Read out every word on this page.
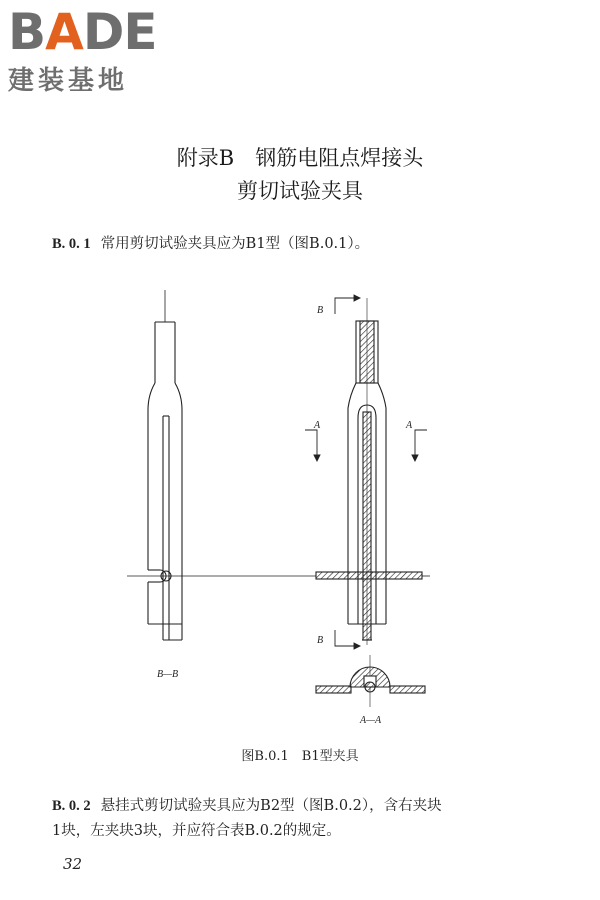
BADE
建装基地
附录B　钢筋电阻点焊接头
剪切试验夹具
B. 0. 1 常用剪切试验夹具应为B1型（图B.0.1）。
B—B
A—A
B
B
A	A
图B.0.1　B1型夹具
B. 0. 2 悬挂式剪切试验夹具应为B2型（图B.0.2），含右夹块
1块，左夹块3块，并应符合表B.0.2的规定。
32
